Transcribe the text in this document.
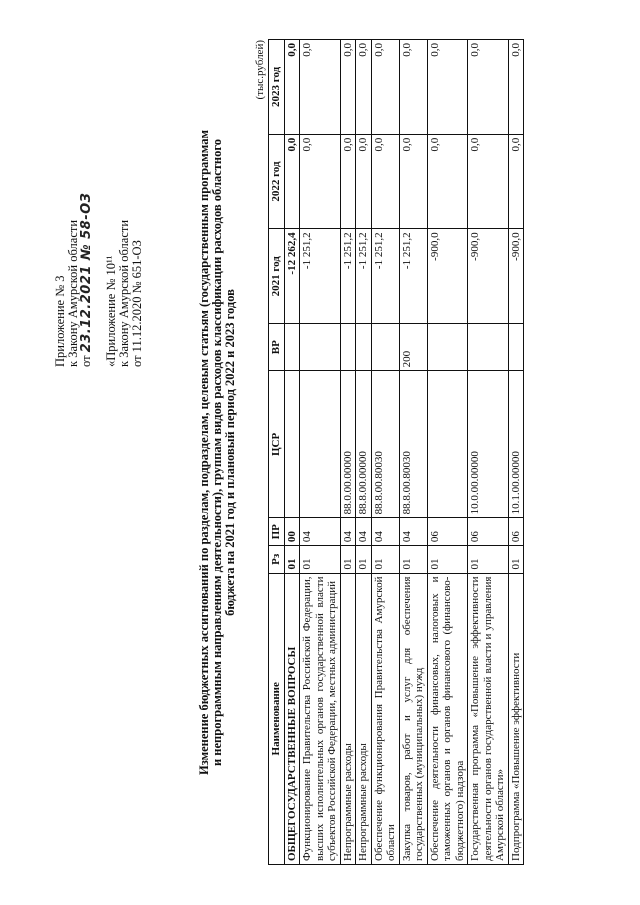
Приложение № 3 к Закону Амурской области от 23.12.2021 № 58-ОЗ «Приложение № 10¹¹ к Закону Амурской области от 11.12.2020 № 651-ОЗ	Изменение бюджетных ассигнований по разделам, подразделам, целевым статьям (государственным программам и непрограммным направлениям деятельности), группам видов расходов классификации расходов областного бюджета на 2021 год и плановый период 2022 и 2023 годов
(тыс.рублей)
Наименование	Рз	ПР	ЦСР	ВР	2021 год	2022 год	2023 год
ОБЩЕГОСУДАРСТВЕННЫЕ ВОПРОСЫ	01	00			-12 262,4	0,0	0,0
Функционирование Правительства Российской Федерации, высших исполнительных органов государственной власти субъектов Российской Федерации, местных администраций	01	04			-1 251,2	0,0	0,0
Непрограммные расходы	01	04	88.0.00.00000		-1 251,2	0,0	0,0
Непрограммные расходы	01	04	88.8.00.00000		-1 251,2	0,0	0,0
Обеспечение функционирования Правительства Амурской области	01	04	88.8.00.80030		-1 251,2	0,0	0,0
Закупка товаров, работ и услуг для обеспечения государственных (муниципальных) нужд	01	04	88.8.00.80030	200	-1 251,2	0,0	0,0
Обеспечение деятельности финансовых, налоговых и таможенных органов и органов финансового (финансово-бюджетного) надзора	01	06			-900,0	0,0	0,0
Государственная программа «Повышение эффективности деятельности органов государственной власти и управления Амурской области»	01	06	10.0.00.00000		-900,0	0,0	0,0
Подпрограмма «Повышение эффективности	01	06	10.1.00.00000		-900,0	0,0	0,0
